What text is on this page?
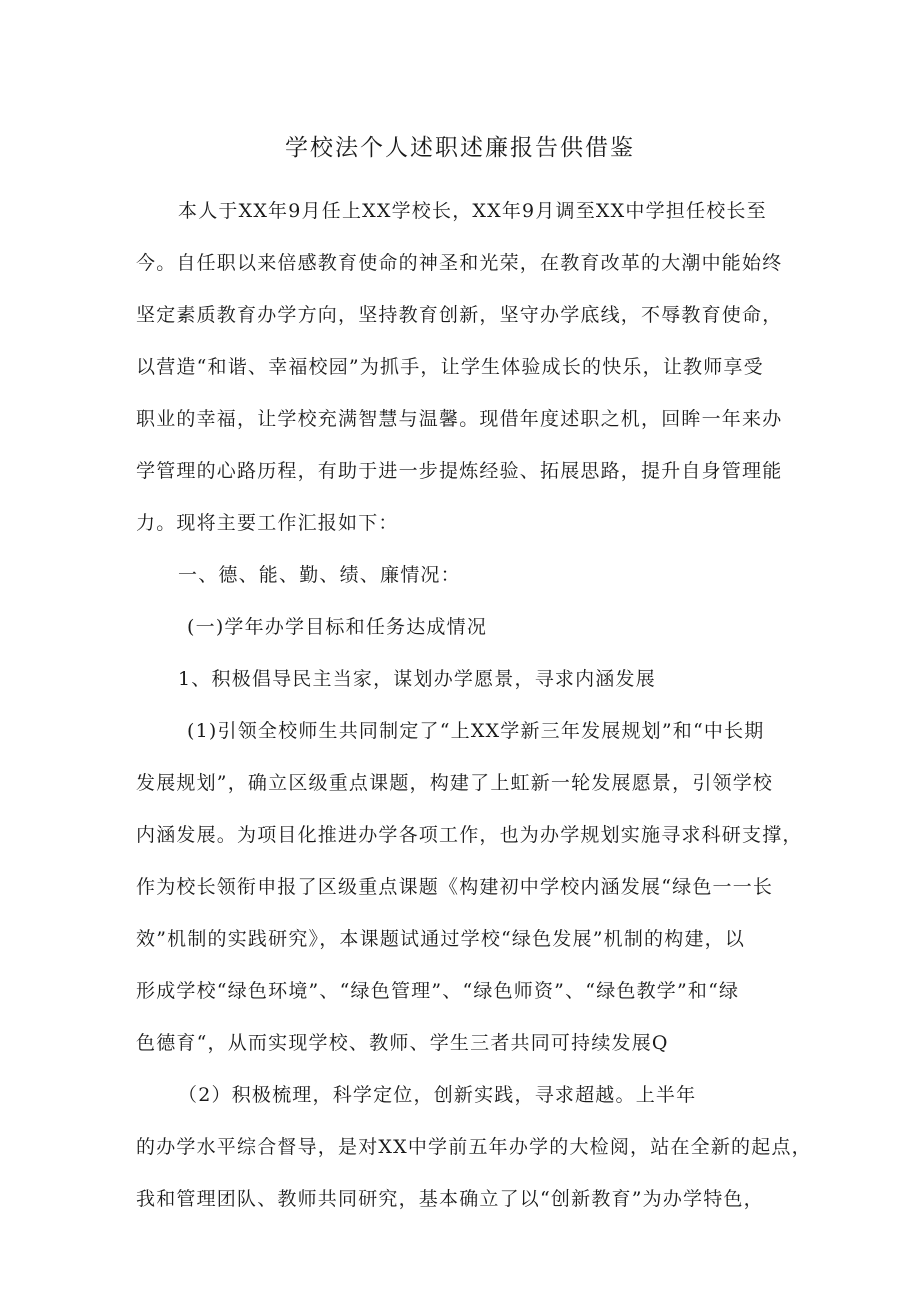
学校法个人述职述廉报告供借鉴
本人于XX年9月任上XX学校长，XX年9月调至XX中学担任校长至
今。自任职以来倍感教育使命的神圣和光荣，在教育改革的大潮中能始终
坚定素质教育办学方向，坚持教育创新，坚守办学底线，不辱教育使命，
以营造“和谐、幸福校园”为抓手，让学生体验成长的快乐，让教师享受
职业的幸福，让学校充满智慧与温馨。现借年度述职之机，回眸一年来办
学管理的心路历程，有助于进一步提炼经验、拓展思路，提升自身管理能
力。现将主要工作汇报如下：
一、德、能、勤、绩、廉情况：
(一)学年办学目标和任务达成情况
1、积极倡导民主当家，谋划办学愿景，寻求内涵发展
(1)引领全校师生共同制定了“上XX学新三年发展规划”和“中长期
发展规划”，确立区级重点课题，构建了上虹新一轮发展愿景，引领学校
内涵发展。为项目化推进办学各项工作，也为办学规划实施寻求科研支撑，
作为校长领衔申报了区级重点课题《构建初中学校内涵发展“绿色一一长
效”机制的实践研究》，本课题试通过学校“绿色发展”机制的构建，以
形成学校“绿色环境”、“绿色管理”、“绿色师资”、“绿色教学”和“绿
色德育“，从而实现学校、教师、学生三者共同可持续发展Q
（2）积极梳理，科学定位，创新实践，寻求超越。上半年
的办学水平综合督导，是对XX中学前五年办学的大检阅，站在全新的起点，
我和管理团队、教师共同研究，基本确立了以“创新教育”为办学特色，
